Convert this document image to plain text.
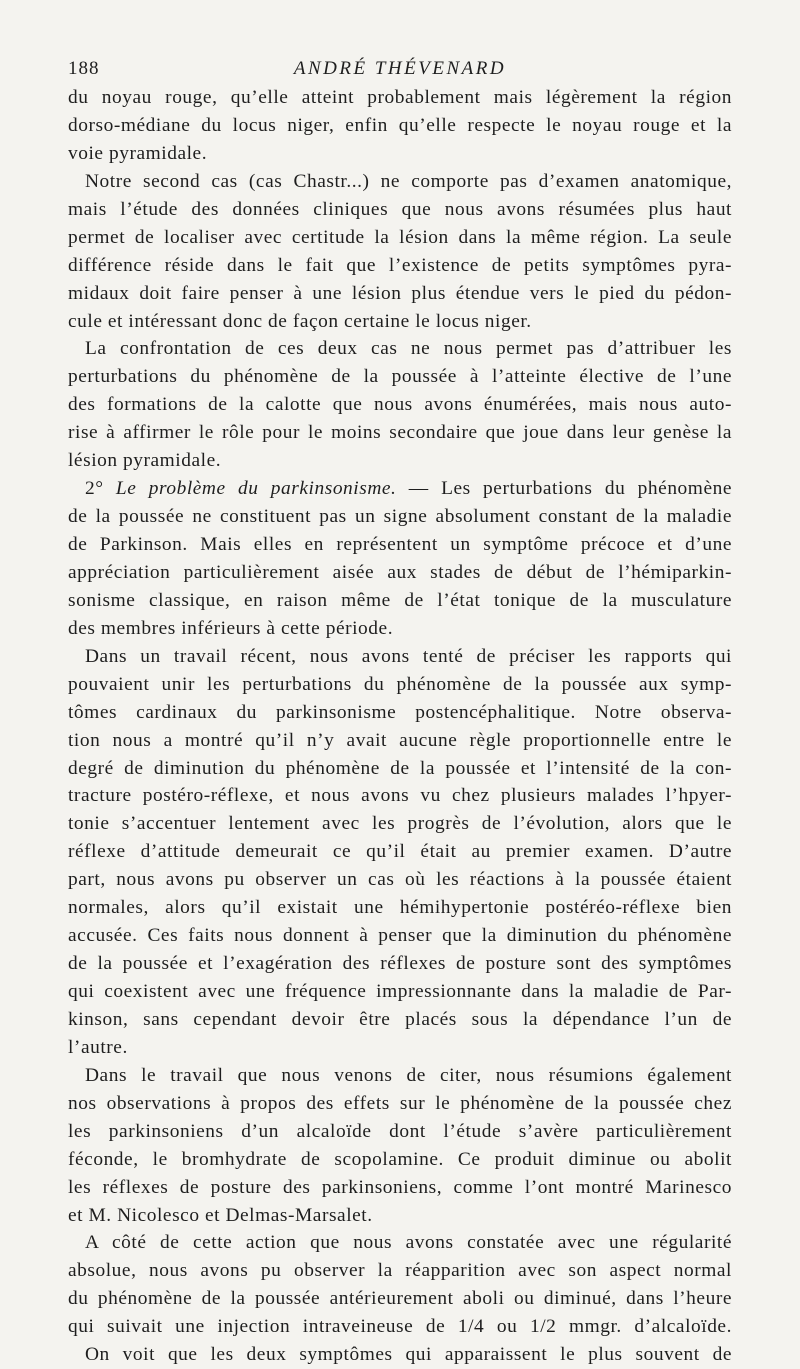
188	ANDRÉ THÉVENARD
du noyau rouge, qu’elle atteint probablement mais légèrement la région
dorso-médiane du locus niger, enfin qu’elle respecte le noyau rouge et la
voie pyramidale.
Notre second cas (cas Chastr...) ne comporte pas d’examen anatomique,
mais l’étude des données cliniques que nous avons résumées plus haut
permet de localiser avec certitude la lésion dans la même région. La seule
différence réside dans le fait que l’existence de petits symptômes pyra-
midaux doit faire penser à une lésion plus étendue vers le pied du pédon-
cule et intéressant donc de façon certaine le locus niger.
La confrontation de ces deux cas ne nous permet pas d’attribuer les
perturbations du phénomène de la poussée à l’atteinte élective de l’une
des formations de la calotte que nous avons énumérées, mais nous auto-
rise à affirmer le rôle pour le moins secondaire que joue dans leur genèse la
lésion pyramidale.
2° Le problème du parkinsonisme. — Les perturbations du phénomène
de la poussée ne constituent pas un signe absolument constant de la maladie
de Parkinson. Mais elles en représentent un symptôme précoce et d’une
appréciation particulièrement aisée aux stades de début de l’hémiparkin-
sonisme classique, en raison même de l’état tonique de la musculature
des membres inférieurs à cette période.
Dans un travail récent, nous avons tenté de préciser les rapports qui
pouvaient unir les perturbations du phénomène de la poussée aux symp-
tômes cardinaux du parkinsonisme postencéphalitique. Notre observa-
tion nous a montré qu’il n’y avait aucune règle proportionnelle entre le
degré de diminution du phénomène de la poussée et l’intensité de la con-
tracture postéro-réflexe, et nous avons vu chez plusieurs malades l’hpyer-
tonie s’accentuer lentement avec les progrès de l’évolution, alors que le
réflexe d’attitude demeurait ce qu’il était au premier examen. D’autre
part, nous avons pu observer un cas où les réactions à la poussée étaient
normales, alors qu’il existait une hémihypertonie postéréo-réflexe bien
accusée. Ces faits nous donnent à penser que la diminution du phénomène
de la poussée et l’exagération des réflexes de posture sont des symptômes
qui coexistent avec une fréquence impressionnante dans la maladie de Par-
kinson, sans cependant devoir être placés sous la dépendance l’un de
l’autre.
Dans le travail que nous venons de citer, nous résumions également
nos observations à propos des effets sur le phénomène de la poussée chez
les parkinsoniens d’un alcaloïde dont l’étude s’avère particulièrement
féconde, le bromhydrate de scopolamine. Ce produit diminue ou abolit
les réflexes de posture des parkinsoniens, comme l’ont montré Marinesco
et M. Nicolesco et Delmas-Marsalet.
A côté de cette action que nous avons constatée avec une régularité
absolue, nous avons pu observer la réapparition avec son aspect normal
du phénomène de la poussée antérieurement aboli ou diminué, dans l’heure
qui suivait une injection intraveineuse de 1/4 ou 1/2 mmgr. d’alcaloïde.
On voit que les deux symptômes qui apparaissent le plus souvent de
